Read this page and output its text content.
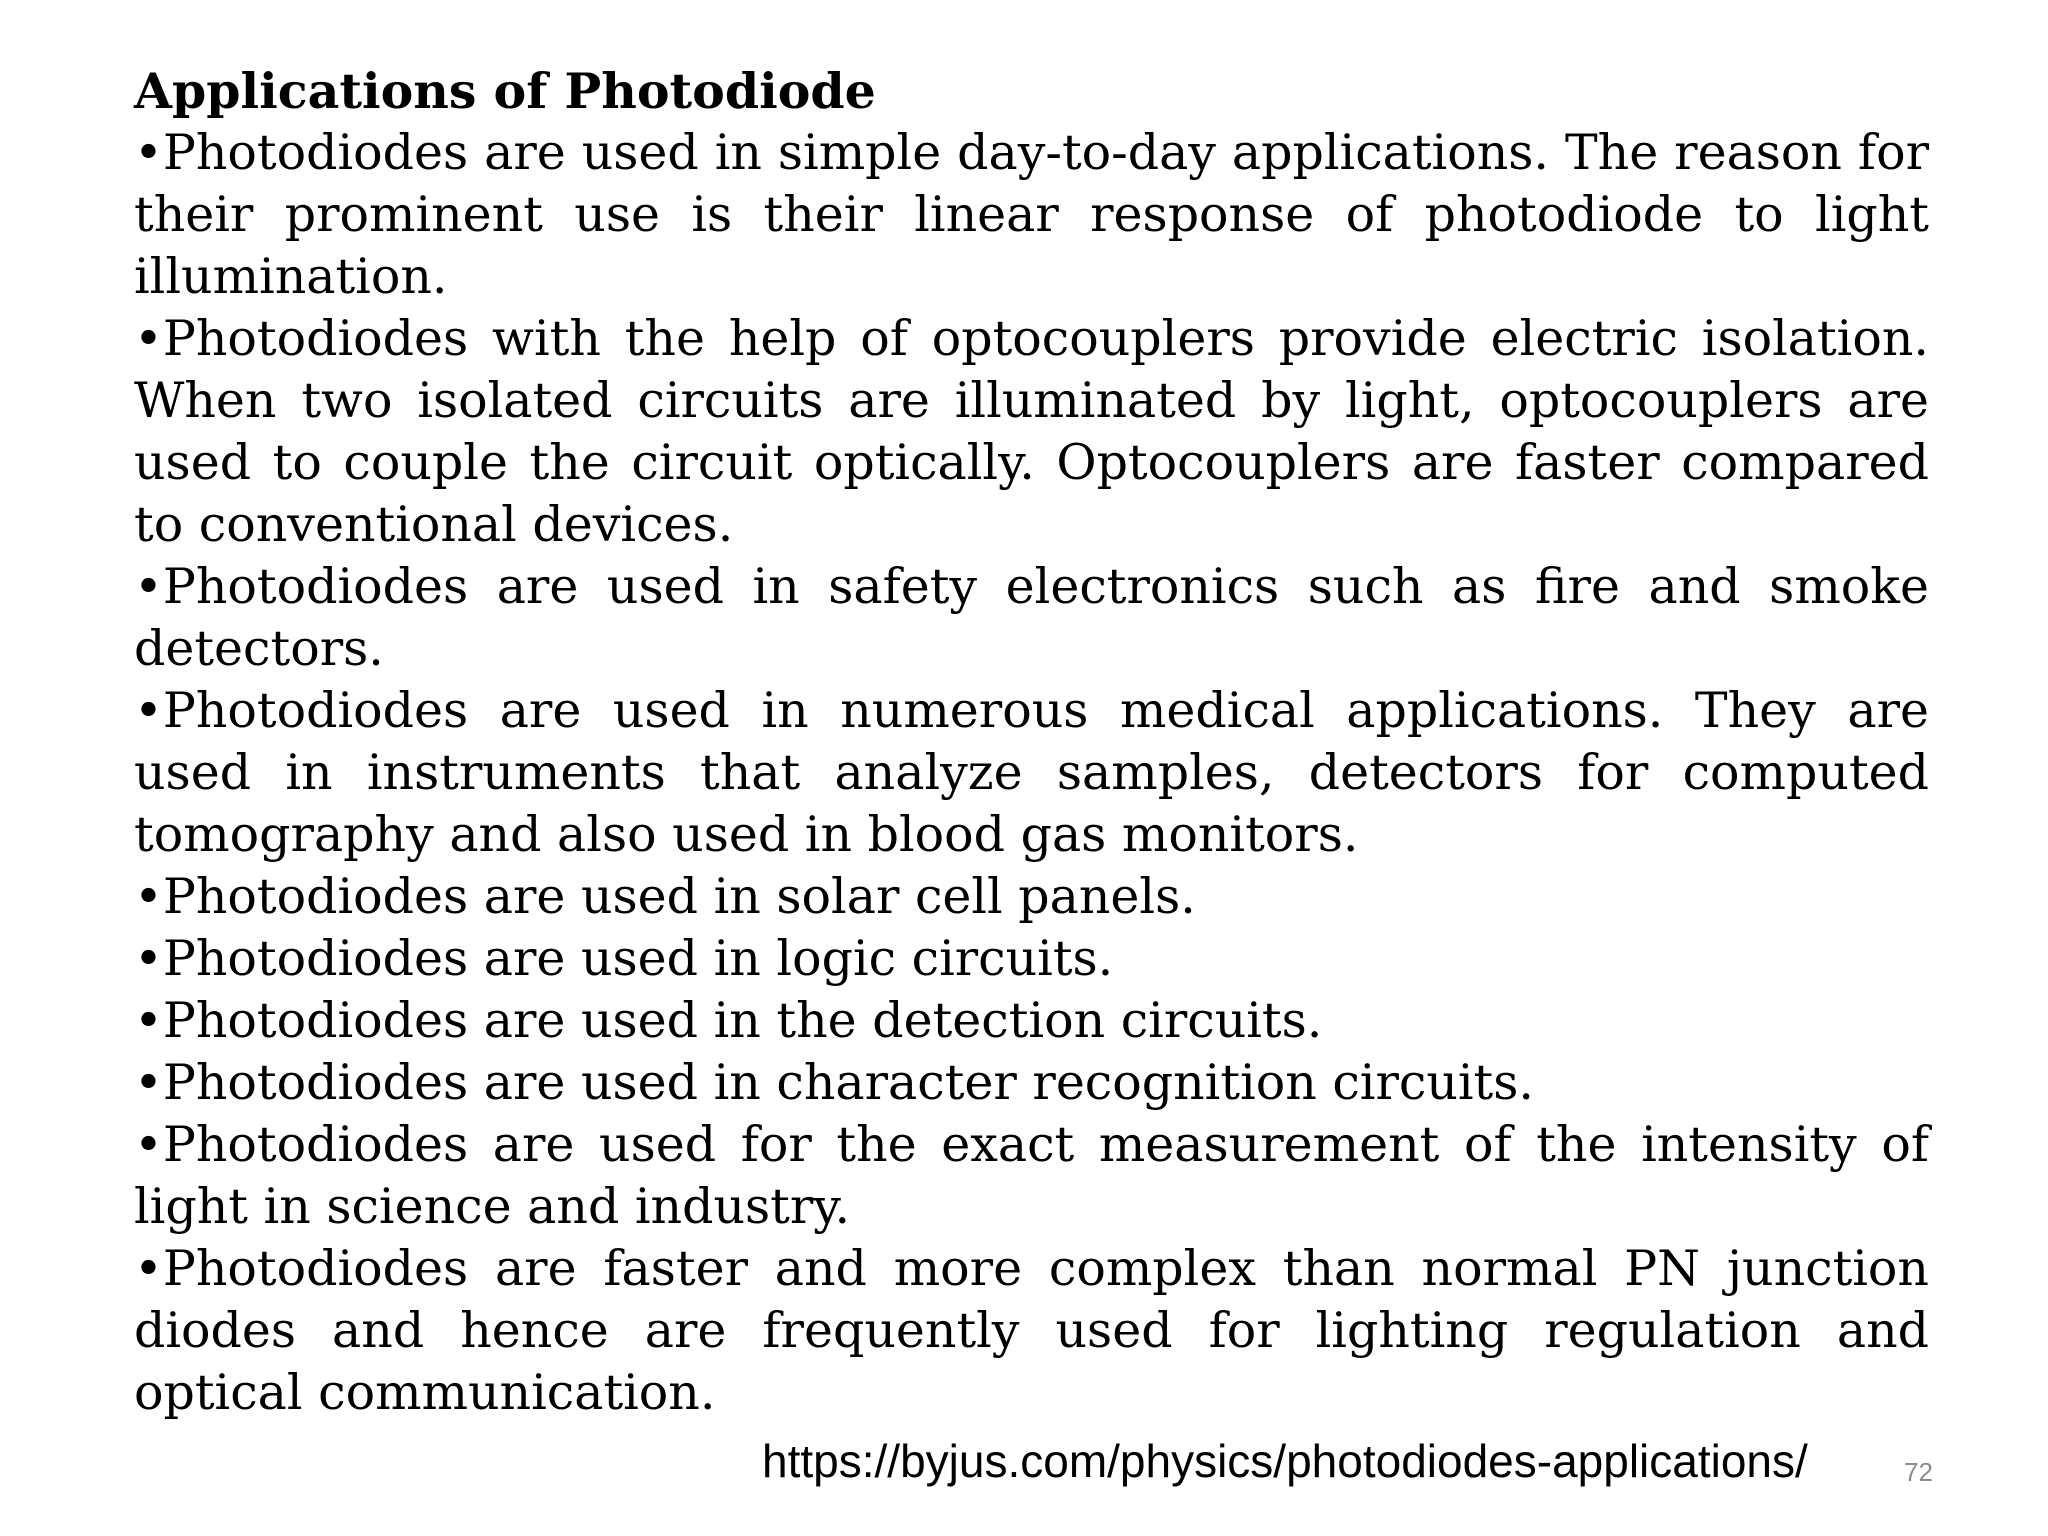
Applications of Photodiode

•Photodiodes are used in simple day-to-day applications. The reason for their prominent use is their linear response of photodiode to light illumination.

•Photodiodes with the help of optocouplers provide electric isolation. When two isolated circuits are illuminated by light, optocouplers are used to couple the circuit optically. Optocouplers are faster compared to conventional devices.

•Photodiodes are used in safety electronics such as fire and smoke detectors.

•Photodiodes are used in numerous medical applications. They are used in instruments that analyze samples, detectors for computed tomography and also used in blood gas monitors.

•Photodiodes are used in solar cell panels.

•Photodiodes are used in logic circuits.

•Photodiodes are used in the detection circuits.

•Photodiodes are used in character recognition circuits.

•Photodiodes are used for the exact measurement of the intensity of light in science and industry.

•Photodiodes are faster and more complex than normal PN junction diodes and hence are frequently used for lighting regulation and optical communication.

https://byjus.com/physics/photodiodes-applications/	72
